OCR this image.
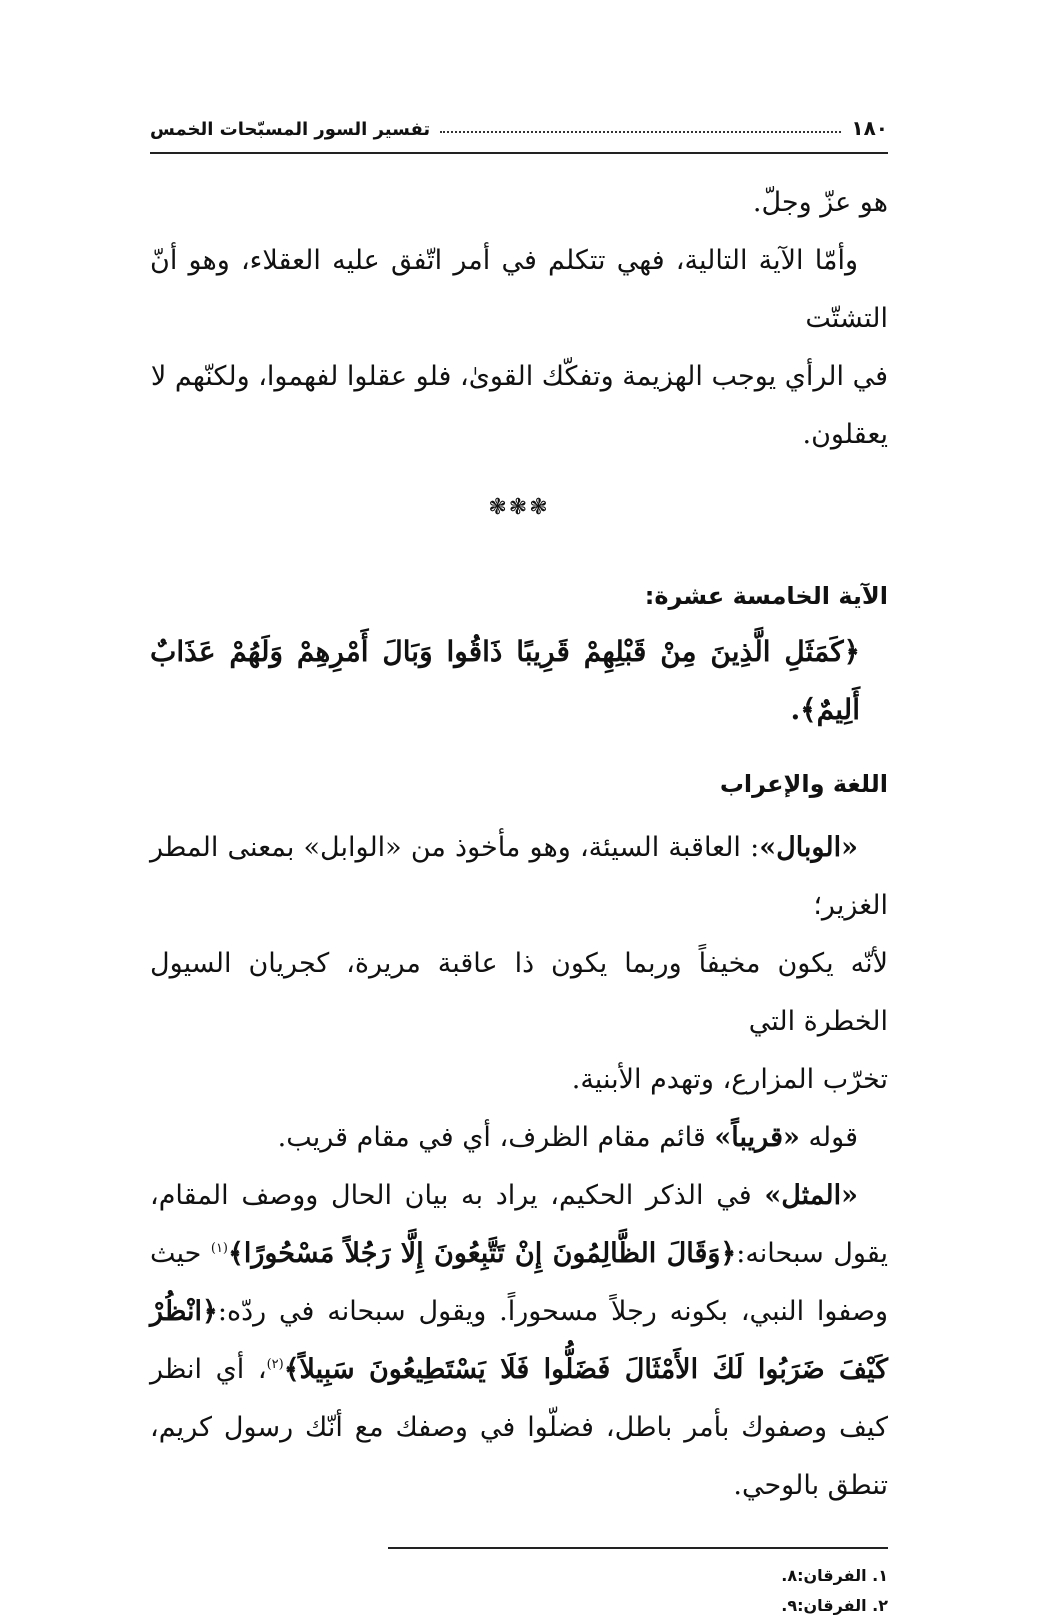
١٨٠
تفسير السور المسبّحات الخمس

هو عزّ وجلّ.

وأمّا الآية التالية، فهي تتكلم في أمر اتّفق عليه العقلاء، وهو أنّ التشتّت

في الرأي يوجب الهزيمة وتفكّك القوىٰ، فلو عقلوا لفهموا، ولكنّهم لا

يعقلون.

❃❃❃
الآية الخامسة عشرة:

﴿كَمَثَلِ الَّذِينَ مِنْ قَبْلِهِمْ قَرِيبًا ذَاقُوا وَبَالَ أَمْرِهِمْ وَلَهُمْ عَذَابٌ أَلِيمٌ﴾.

اللغة والإعراب

«الوبال»: العاقبة السيئة، وهو مأخوذ من «الوابل» بمعنى المطر الغزير؛

لأنّه يكون مخيفاً وربما يكون ذا عاقبة مريرة، كجريان السيول الخطرة التي

تخرّب المزارع، وتهدم الأبنية.

قوله «قريباً» قائم مقام الظرف، أي في مقام قريب.

«المثل» في الذكر الحكيم، يراد به بيان الحال ووصف المقام، يقول سبحانه:﴿وَقَالَ الظَّالِمُونَ إِنْ تَتَّبِعُونَ إِلَّا رَجُلاً مَسْحُورًا﴾$^{(١)}$ حيث وصفوا النبي، بكونه رجلاً مسحوراً. ويقول سبحانه في ردّه:﴿انْظُرْ كَيْفَ ضَرَبُوا لَكَ الأَمْثَالَ فَضَلُّوا فَلَا يَسْتَطِيعُونَ سَبِيلاً﴾$^{(٢)}$، أي انظر كيف وصفوك بأمر باطل، فضلّوا في وصفك مع أنّك رسول كريم، تنطق بالوحي.

١. الفرقان:٨.

٢. الفرقان:٩.
